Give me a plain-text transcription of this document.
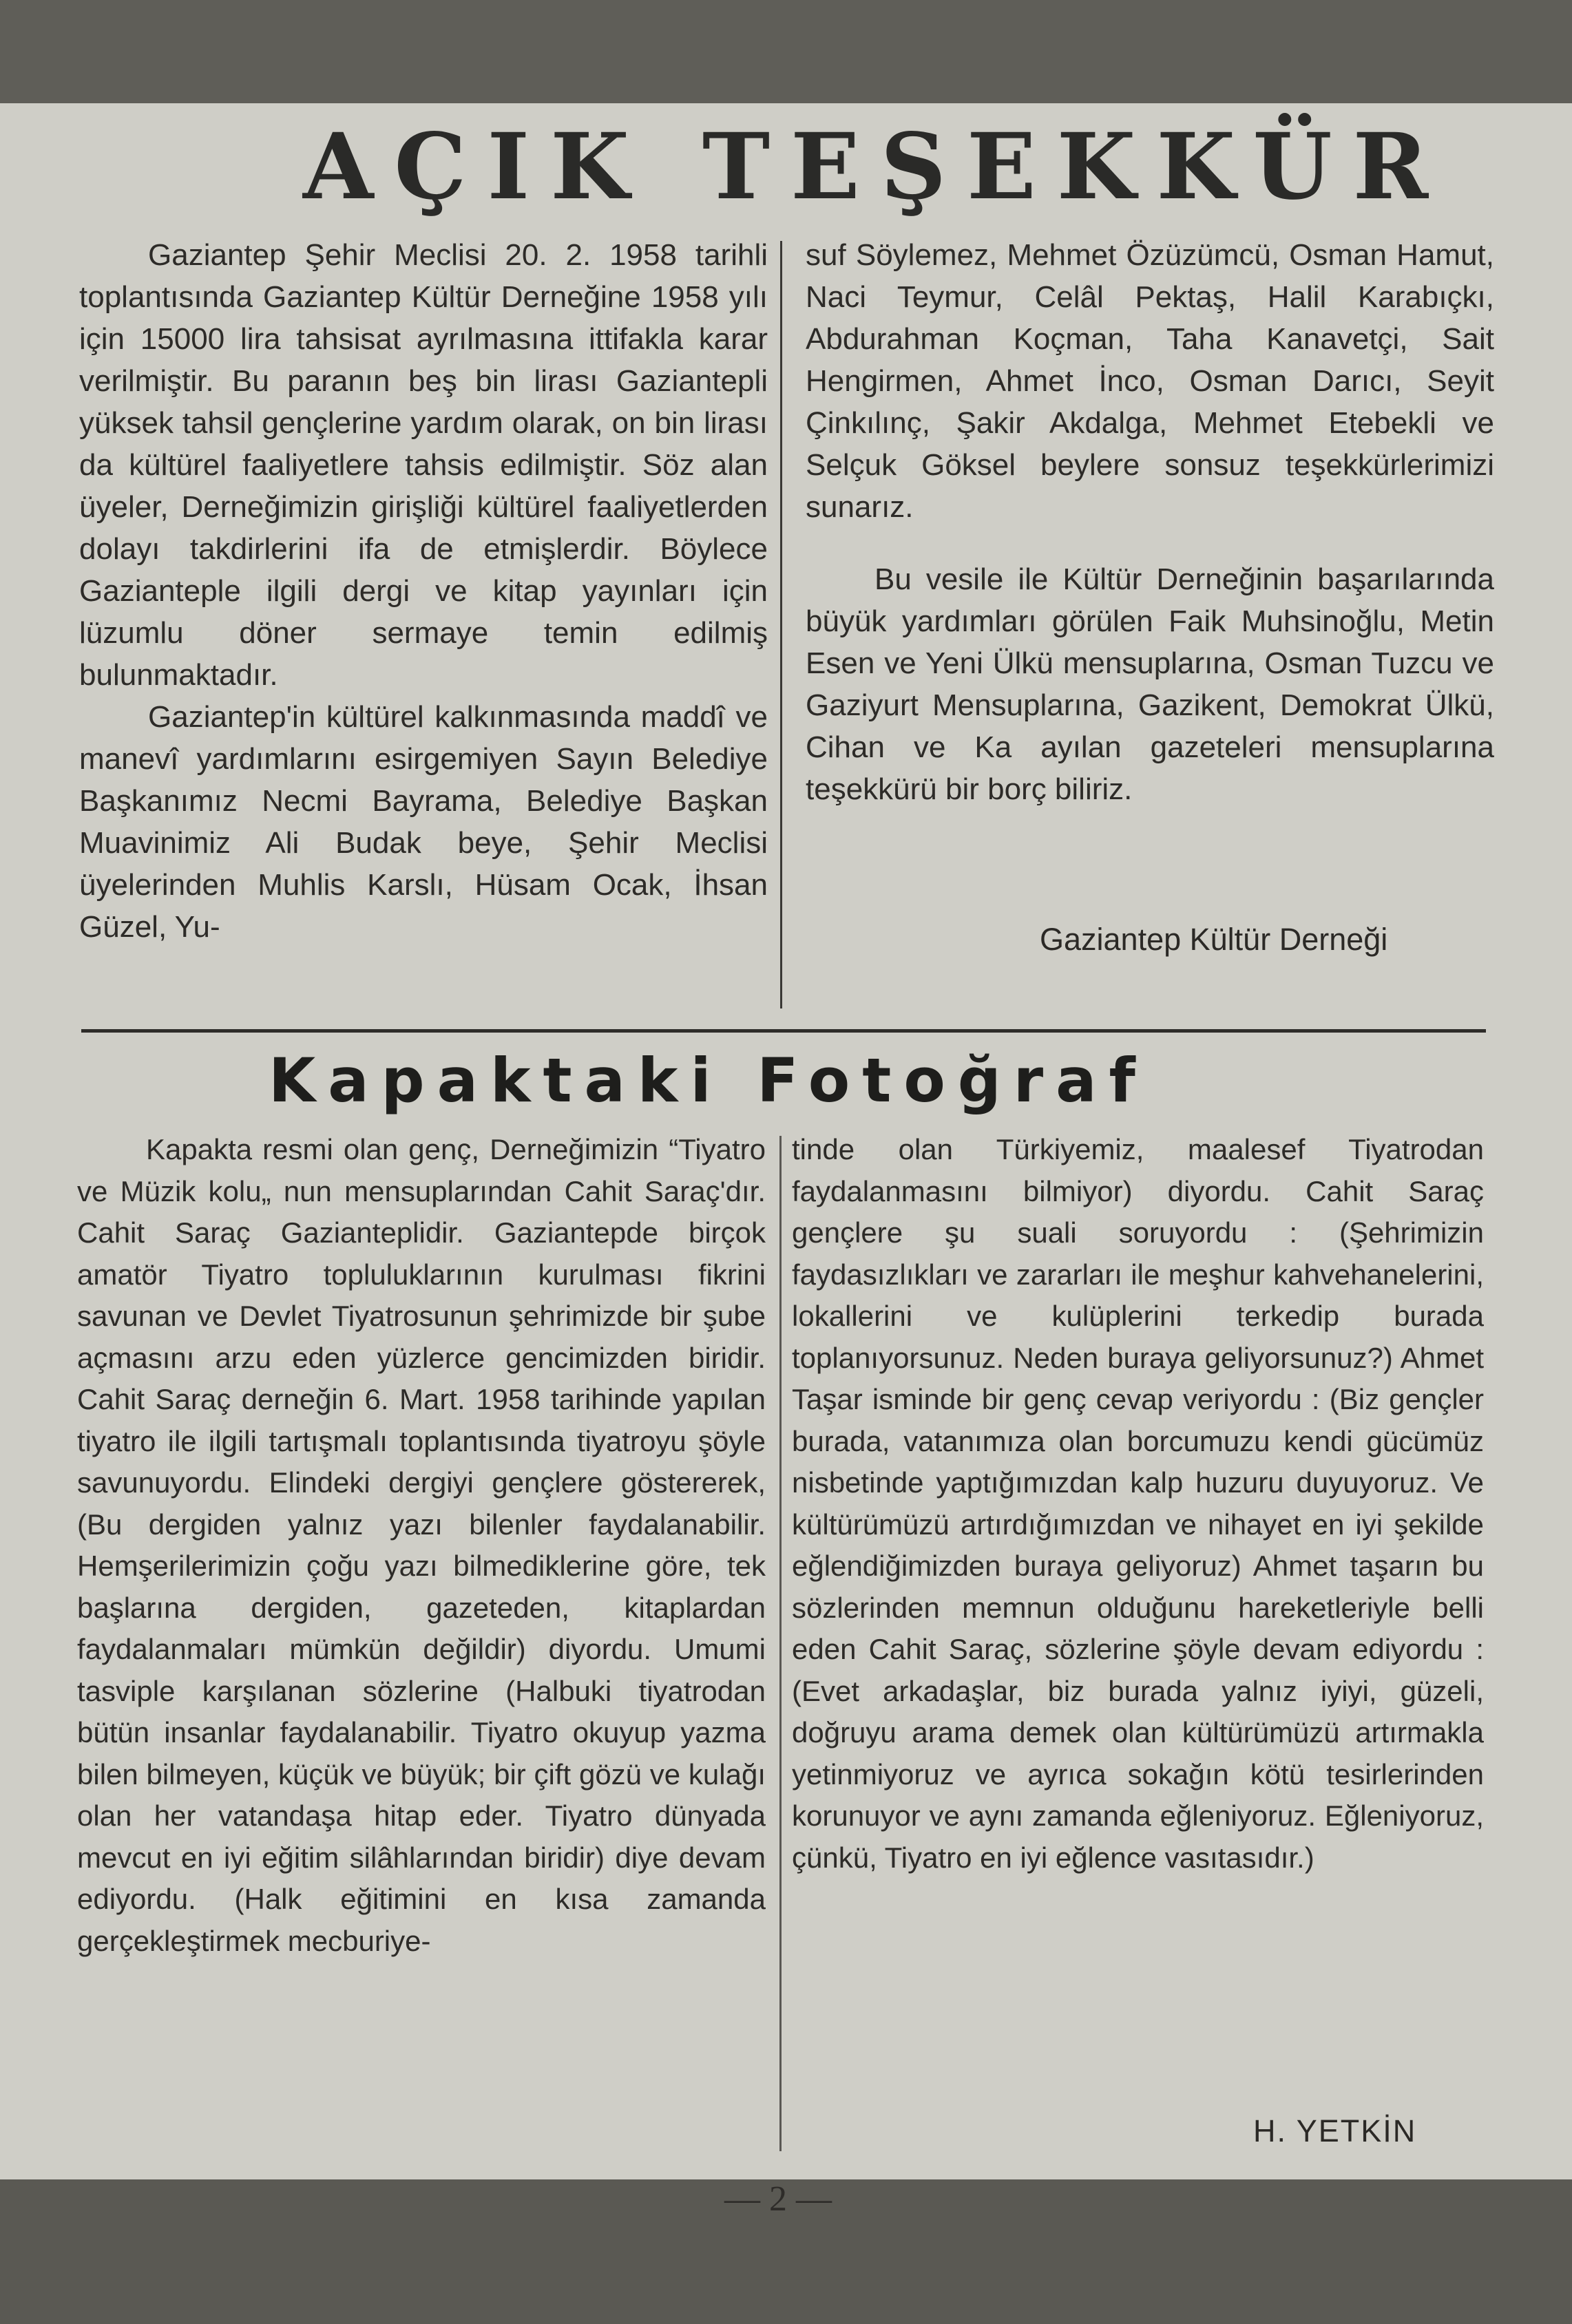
AÇIK TEŞEKKÜR

Gaziantep Şehir Meclisi 20. 2. 1958 tarihli toplantısında Gaziantep Kültür Derneğine 1958 yılı için 15000 lira tahsisat ayrılmasına ittifakla karar verilmiştir. Bu paranın beş bin lirası Gaziantepli yüksek tahsil gençlerine yardım olarak, on bin lirası da kültürel faaliyetlere tahsis edilmiştir. Söz alan üyeler, Derneğimizin girişliği kültürel faaliyetlerden dolayı takdirlerini ifa de etmişlerdir. Böylece Gazianteple ilgili dergi ve kitap yayınları için lüzumlu döner sermaye temin edilmiş bulunmaktadır.

Gaziantep'in kültürel kalkınmasında maddî ve manevî yardımlarını esirgemiyen Sayın Belediye Başkanımız Necmi Bayrama, Belediye Başkan Muavinimiz Ali Budak beye, Şehir Meclisi üyelerinden Muhlis Karslı, Hüsam Ocak, İhsan Güzel, Yu-

suf Söylemez, Mehmet Özüzümcü, Osman Hamut, Naci Teymur, Celâl Pektaş, Halil Karabıçkı, Abdurahman Koçman, Taha Kanavetçi, Sait Hengirmen, Ahmet İnco, Osman Darıcı, Seyit Çinkılınç, Şakir Akdalga, Mehmet Etebekli ve Selçuk Göksel beylere sonsuz teşekkürlerimizi sunarız.

Bu vesile ile Kültür Derneğinin başarılarında büyük yardımları görülen Faik Muhsinoğlu, Metin Esen ve Yeni Ülkü mensuplarına, Osman Tuzcu ve Gaziyurt Mensuplarına, Gazikent, Demokrat Ülkü, Cihan ve Ka ayılan gazeteleri mensuplarına teşekkürü bir borç biliriz.

Gaziantep Kültür Derneği
Kapaktaki Fotoğraf

Kapakta resmi olan genç, Derneğimizin “Tiyatro ve Müzik kolu„ nun mensuplarından Cahit Saraç'dır. Cahit Saraç Gazianteplidir. Gaziantepde birçok amatör Tiyatro topluluklarının kurulması fikrini savunan ve Devlet Tiyatrosunun şehrimizde bir şube açmasını arzu eden yüzlerce gencimizden biridir. Cahit Saraç derneğin 6. Mart. 1958 tarihinde yapılan tiyatro ile ilgili tartışmalı toplantısında tiyatroyu şöyle savunuyordu. Elindeki dergiyi gençlere göstererek, (Bu dergiden yalnız yazı bilenler faydalanabilir. Hemşerilerimizin çoğu yazı bilmediklerine göre, tek başlarına dergiden, gazeteden, kitaplardan faydalanmaları mümkün değildir) diyordu. Umumi tasviple karşılanan sözlerine (Halbuki tiyatrodan bütün insanlar faydalanabilir. Tiyatro okuyup yazma bilen bilmeyen, küçük ve büyük; bir çift gözü ve kulağı olan her vatandaşa hitap eder. Tiyatro dünyada mevcut en iyi eğitim silâhlarından biridir) diye devam ediyordu. (Halk eğitimini en kısa zamanda gerçekleştirmek mecburiye-

tinde olan Türkiyemiz, maalesef Tiyatrodan faydalanmasını bilmiyor) diyordu. Cahit Saraç gençlere şu suali soruyordu : (Şehrimizin faydasızlıkları ve zararları ile meşhur kahvehanelerini, lokallerini ve kulüplerini terkedip burada toplanıyorsunuz. Neden buraya geliyorsunuz?) Ahmet Taşar isminde bir genç cevap veriyordu : (Biz gençler burada, vatanımıza olan borcumuzu kendi gücümüz nisbetinde yaptığımızdan kalp huzuru duyuyoruz. Ve kültürümüzü artırdığımızdan ve nihayet en iyi şekilde eğlendiğimizden buraya geliyoruz) Ahmet taşarın bu sözlerinden memnun olduğunu hareketleriyle belli eden Cahit Saraç, sözlerine şöyle devam ediyordu : (Evet arkadaşlar, biz burada yalnız iyiyi, güzeli, doğruyu arama demek olan kültürümüzü artırmakla yetinmiyoruz ve ayrıca sokağın kötü tesirlerinden korunuyor ve aynı zamanda eğleniyoruz. Eğleniyoruz, çünkü, Tiyatro en iyi eğlence vasıtasıdır.)

H. YETKİN
— 2 —
